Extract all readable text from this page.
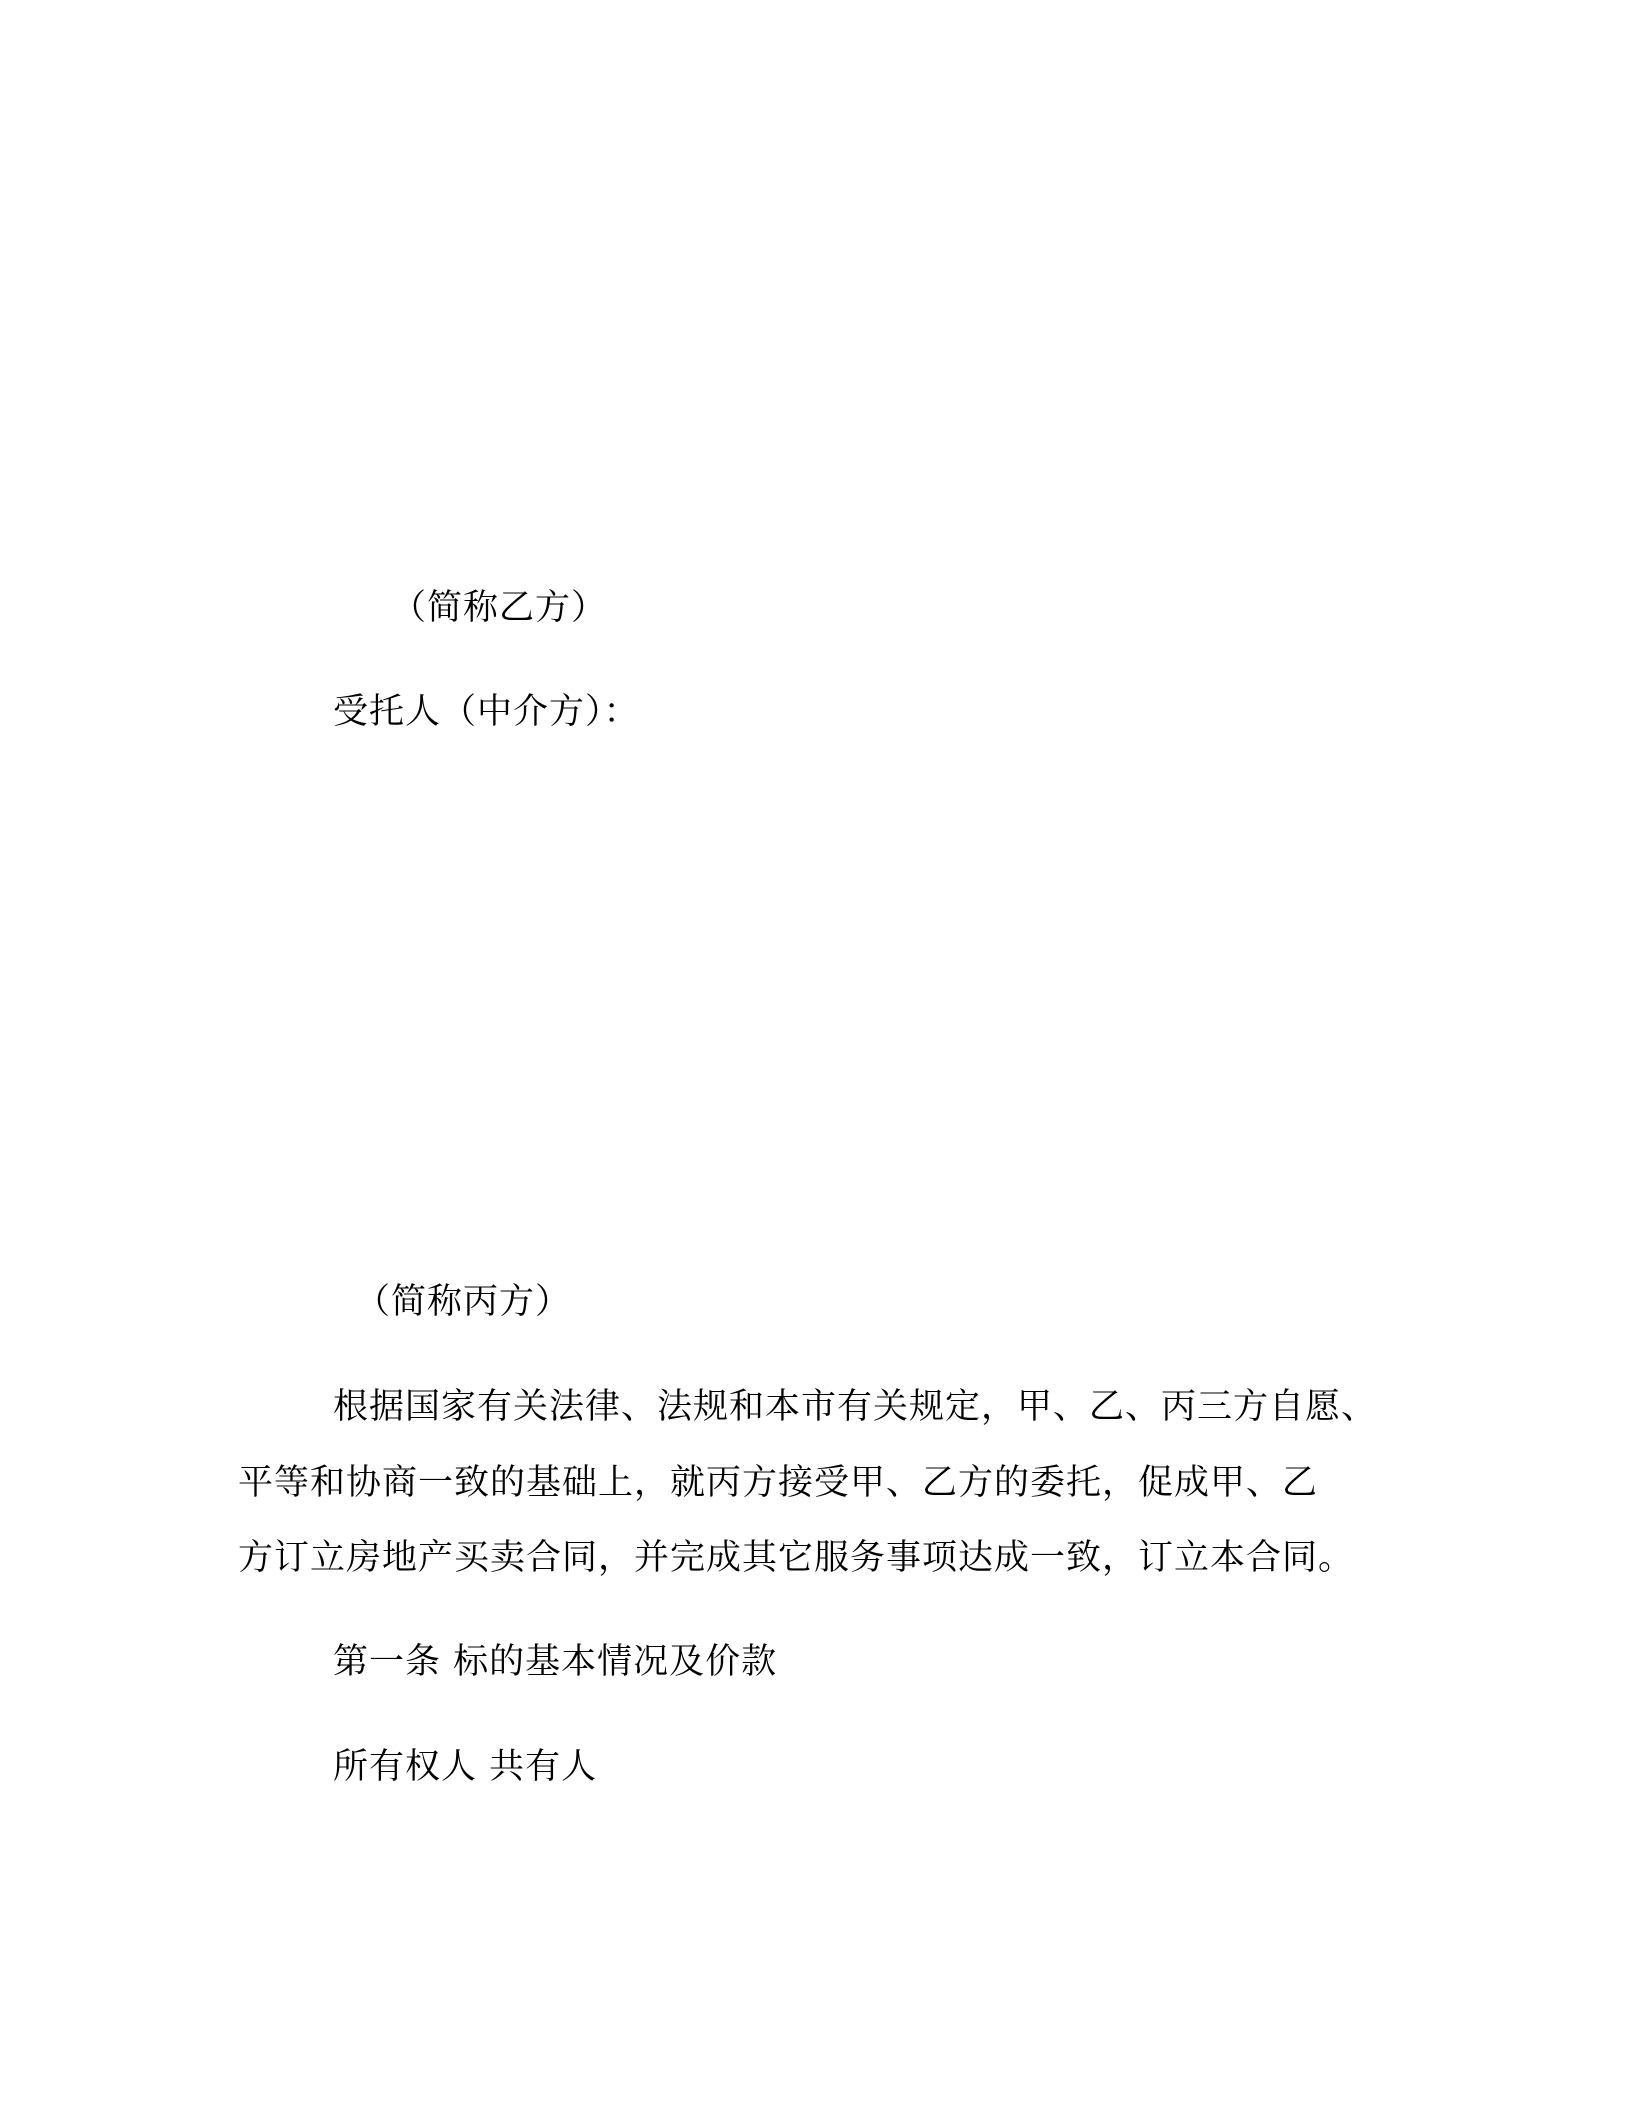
（简称乙方）
受托人（中介方）：
（简称丙方）
根据国家有关法律、法规和本市有关规定，甲、乙、丙三方自愿、
平等和协商一致的基础上，就丙方接受甲、乙方的委托，促成甲、乙
方订立房地产买卖合同，并完成其它服务事项达成一致，订立本合同。
第一条 标的基本情况及价款
所有权人 共有人
